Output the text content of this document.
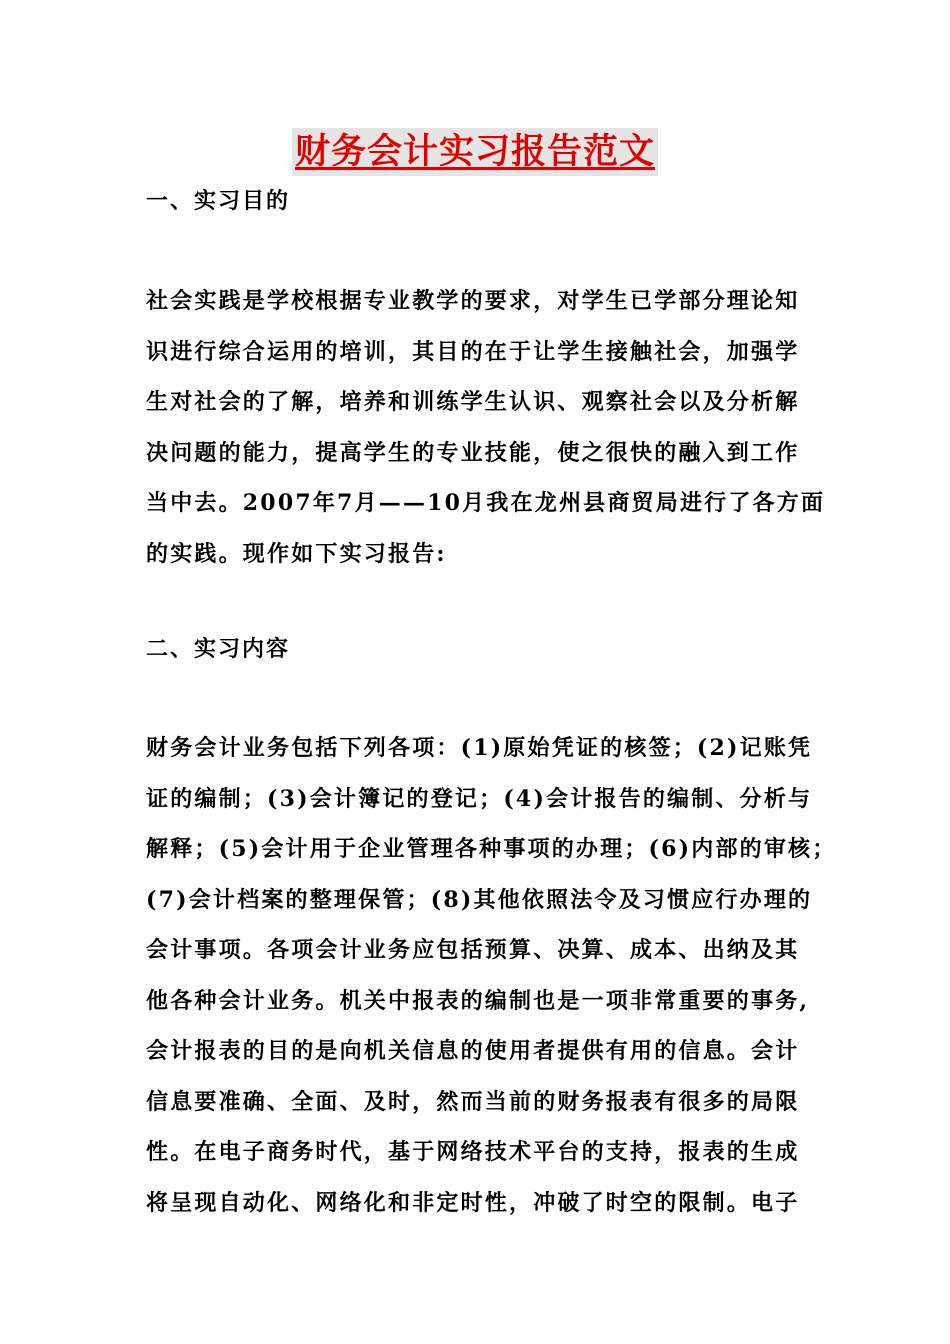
财务会计实习报告范文
一、实习目的
社会实践是学校根据专业教学的要求，对学生已学部分理论知
识进行综合运用的培训，其目的在于让学生接触社会，加强学
生对社会的了解，培养和训练学生认识、观察社会以及分析解
决问题的能力，提高学生的专业技能，使之很快的融入到工作
当中去。2007年7月——10月我在龙州县商贸局进行了各方面
的实践。现作如下实习报告:
二、实习内容
财务会计业务包括下列各项：(1)原始凭证的核签；(2)记账凭
证的编制；(3)会计簿记的登记；(4)会计报告的编制、分析与
解释；(5)会计用于企业管理各种事项的办理；(6)内部的审核；
(7)会计档案的整理保管；(8)其他依照法令及习惯应行办理的
会计事项。各项会计业务应包括预算、决算、成本、出纳及其
他各种会计业务。机关中报表的编制也是一项非常重要的事务,
会计报表的目的是向机关信息的使用者提供有用的信息。会计
信息要准确、全面、及时，然而当前的财务报表有很多的局限
性。在电子商务时代，基于网络技术平台的支持，报表的生成
将呈现自动化、网络化和非定时性，冲破了时空的限制。电子
